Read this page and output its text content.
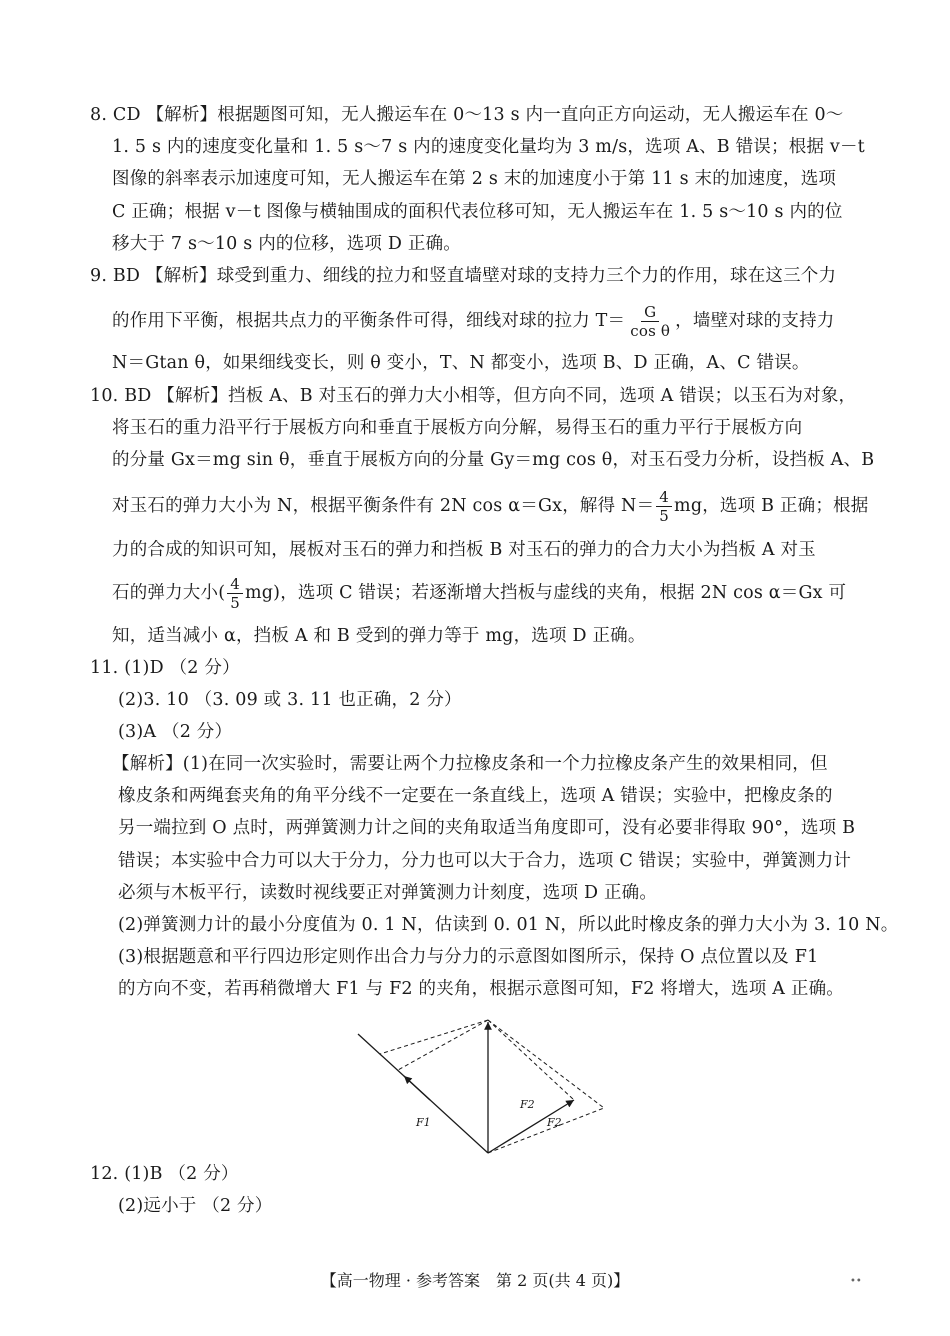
8. CD 【解析】根据题图可知，无人搬运车在 0～13 s 内一直向正方向运动，无人搬运车在 0～
1. 5 s 内的速度变化量和 1. 5 s～7 s 内的速度变化量均为 3 m/s，选项 A、B 错误；根据 v－t
图像的斜率表示加速度可知，无人搬运车在第 2 s 末的加速度小于第 11 s 末的加速度，选项
C 正确；根据 v－t 图像与横轴围成的面积代表位移可知，无人搬运车在 1. 5 s～10 s 内的位
移大于 7 s～10 s 内的位移，选项 D 正确。
9. BD 【解析】球受到重力、细线的拉力和竖直墙壁对球的支持力三个力的作用，球在这三个力
的作用下平衡，根据共点力的平衡条件可得，细线对球的拉力 $T= \frac{G}{\text{cos θ}}$ ，墙壁对球的支持力
N＝Gtan θ，如果细线变长，则 θ 变小，T、N 都变小，选项 B、D 正确，A、C 错误。
10. BD 【解析】挡板 A、B 对玉石的弹力大小相等，但方向不同，选项 A 错误；以玉石为对象，
将玉石的重力沿平行于展板方向和垂直于展板方向分解，易得玉石的重力平行于展板方向
的分量 Gx＝mg sin θ，垂直于展板方向的分量 Gy＝mg cos θ，对玉石受力分析，设挡板 A、B
对玉石的弹力大小为 N，根据平衡条件有 2N cos α＝Gx，解得 $N= \frac{4}{5}$ mg，选项 B 正确；根据
力的合成的知识可知，展板对玉石的弹力和挡板 B 对玉石的弹力的合力大小为挡板 A 对玉
石的弹力大小( $\frac{4}{5} mg$)，选项 C 错误；若逐渐增大挡板与虚线的夹角，根据 2N cos α＝Gx 可
知，适当减小 α，挡板 A 和 B 受到的弹力等于 mg，选项 D 正确。
11. (1)D （2 分）
(2)3. 10 （3. 09 或 3. 11 也正确，2 分）
(3)A （2 分）
【解析】(1)在同一次实验时，需要让两个力拉橡皮条和一个力拉橡皮条产生的效果相同，但
橡皮条和两绳套夹角的角平分线不一定要在一条直线上，选项 A 错误；实验中，把橡皮条的
另一端拉到 O 点时，两弹簧测力计之间的夹角取适当角度即可，没有必要非得取 90°，选项 B
错误；本实验中合力可以大于分力，分力也可以大于合力，选项 C 错误；实验中，弹簧测力计
必须与木板平行，读数时视线要正对弹簧测力计刻度，选项 D 正确。
(2)弹簧测力计的最小分度值为 0. 1 N，估读到 0. 01 N，所以此时橡皮条的弹力大小为 3. 10 N。
(3)根据题意和平行四边形定则作出合力与分力的示意图如图所示，保持 O 点位置以及 F1
的方向不变，若再稍微增大 F1 与 F2 的夹角，根据示意图可知，F2 将增大，选项 A 正确。
F1
F2
F2
12. (1)B （2 分）
(2)远小于 （2 分）
【高一物理 · 参考答案　第 2 页(共 4 页)】	••
